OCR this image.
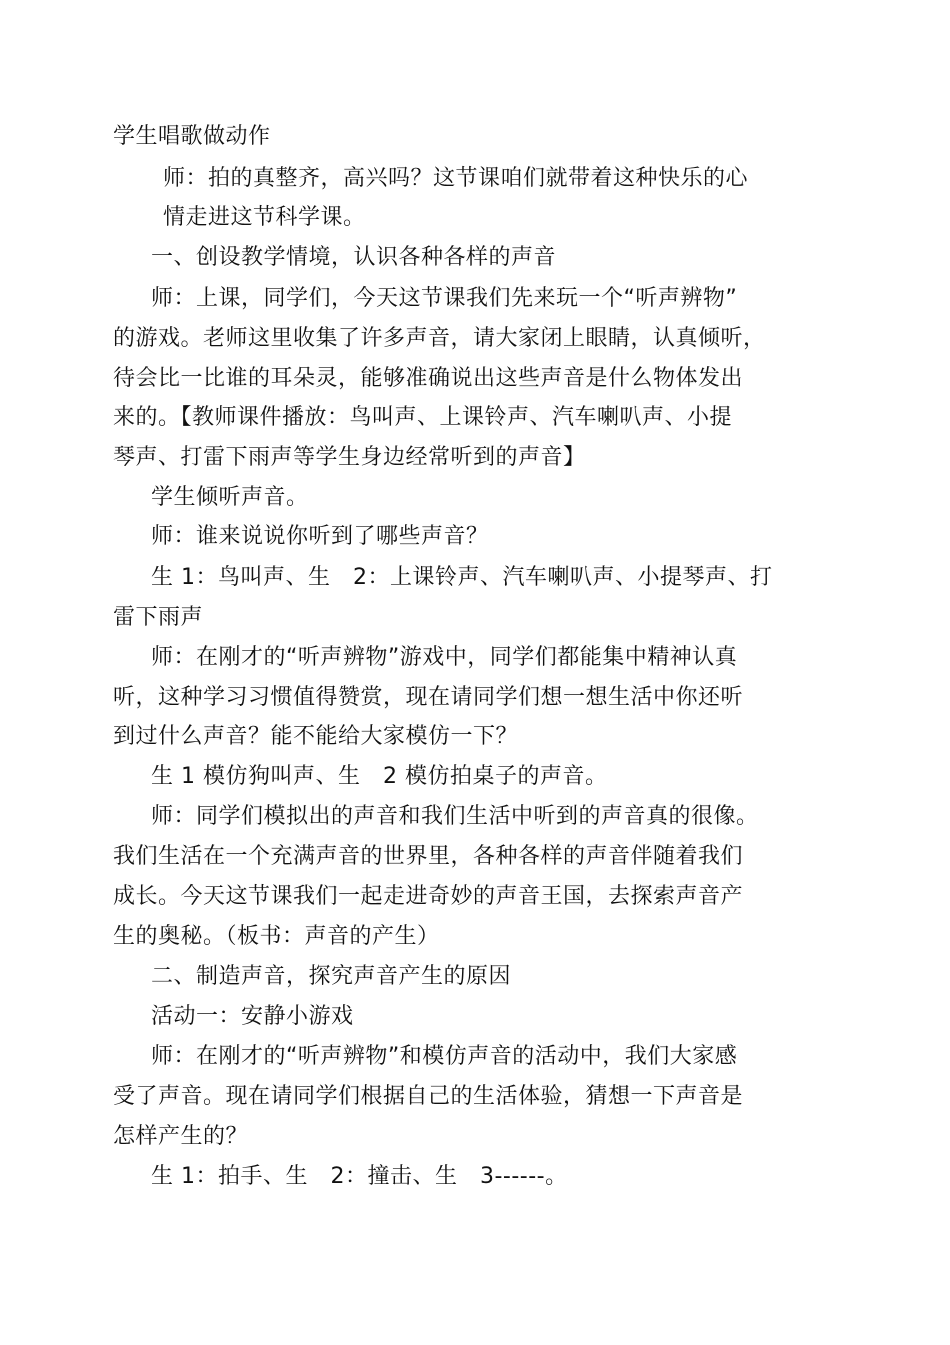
学生唱歌做动作
师：拍的真整齐，高兴吗？这节课咱们就带着这种快乐的心
情走进这节科学课。
一、创设教学情境，认识各种各样的声音
师：上课，同学们，今天这节课我们先来玩一个“听声辨物”
的游戏。老师这里收集了许多声音，请大家闭上眼睛，认真倾听，
待会比一比谁的耳朵灵，能够准确说出这些声音是什么物体发出
来的。【教师课件播放：鸟叫声、上课铃声、汽车喇叭声、小提
琴声、打雷下雨声等学生身边经常听到的声音】
学生倾听声音。
师：谁来说说你听到了哪些声音？
生 1：鸟叫声、生　2：上课铃声、汽车喇叭声、小提琴声、打
雷下雨声
师：在刚才的“听声辨物”游戏中，同学们都能集中精神认真
听，这种学习习惯值得赞赏，现在请同学们想一想生活中你还听
到过什么声音？能不能给大家模仿一下？
生 1 模仿狗叫声、生　2 模仿拍桌子的声音。
师：同学们模拟出的声音和我们生活中听到的声音真的很像。
我们生活在一个充满声音的世界里，各种各样的声音伴随着我们
成长。今天这节课我们一起走进奇妙的声音王国，去探索声音产
生的奥秘。（板书：声音的产生）
二、制造声音，探究声音产生的原因
活动一：安静小游戏
师：在刚才的“听声辨物”和模仿声音的活动中，我们大家感
受了声音。现在请同学们根据自己的生活体验，猜想一下声音是
怎样产生的？
生 1：拍手、生　2：撞击、生　3------。
